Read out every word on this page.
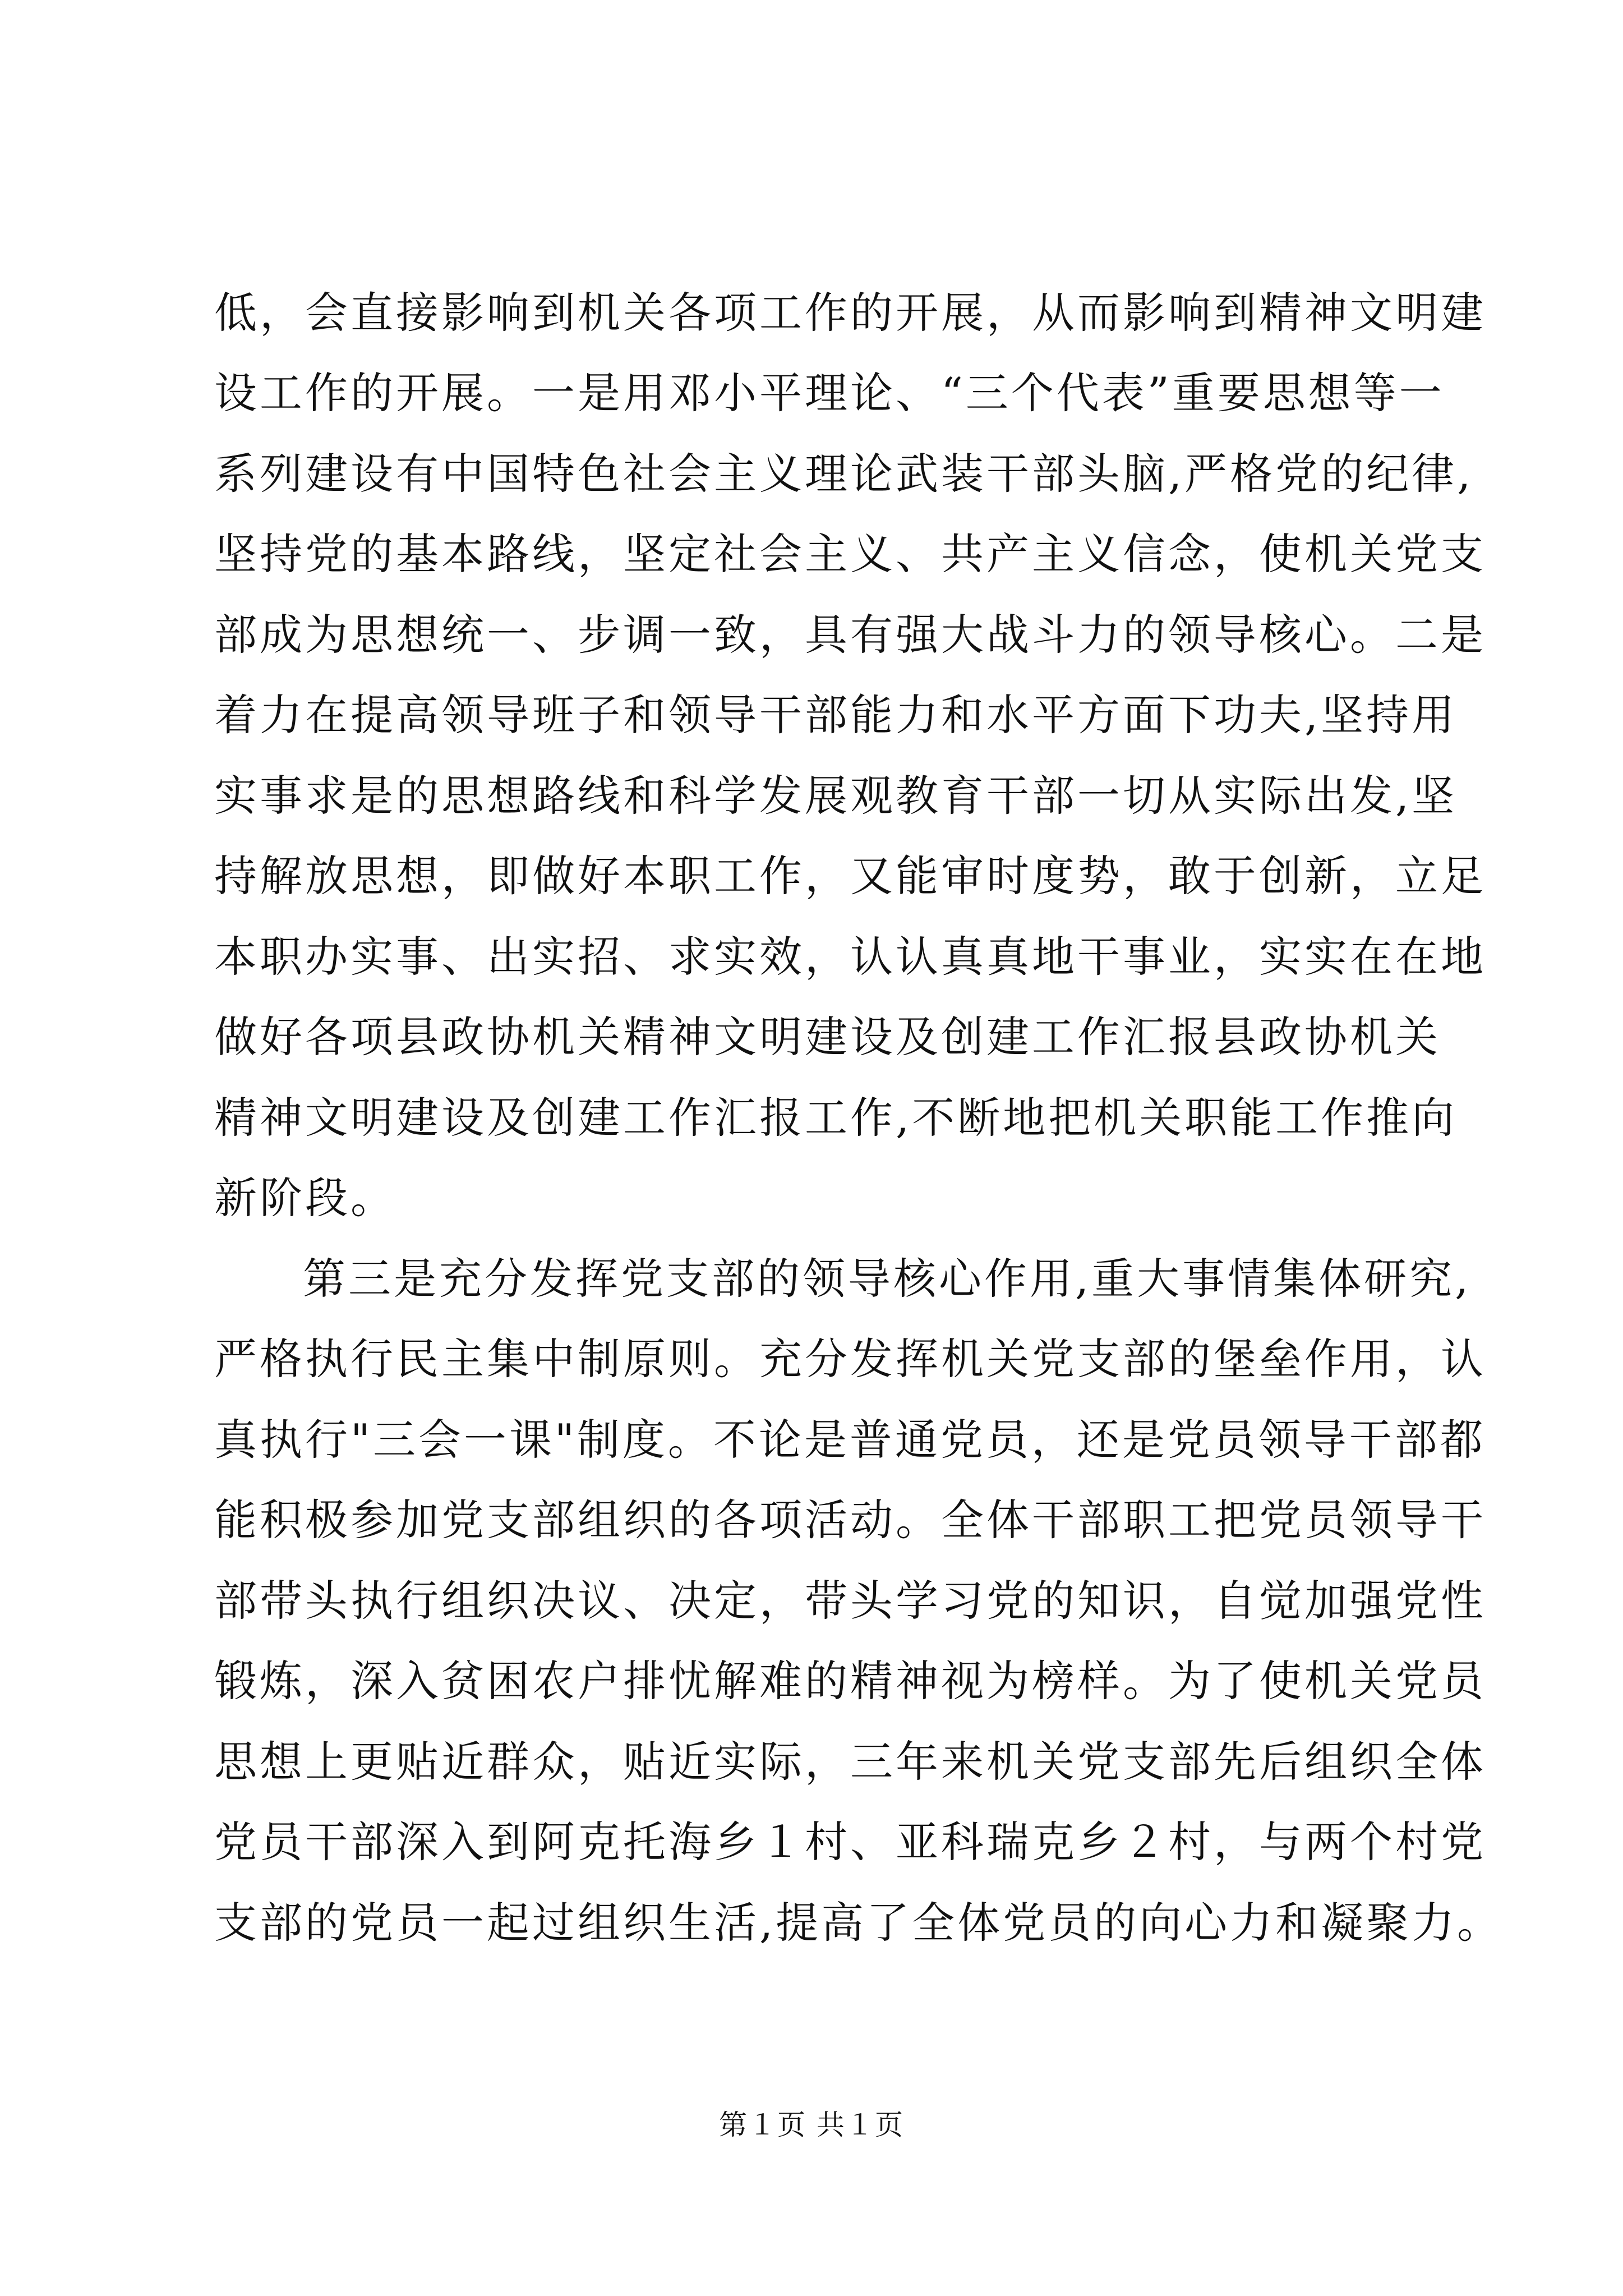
低，会直接影响到机关各项工作的开展，从而影响到精神文明建
设工作的开展。一是用邓小平理论、“三个代表”重要思想等一
系列建设有中国特色社会主义理论武装干部头脑,严格党的纪律,
坚持党的基本路线，坚定社会主义、共产主义信念，使机关党支
部成为思想统一、步调一致，具有强大战斗力的领导核心。二是
着力在提高领导班子和领导干部能力和水平方面下功夫,坚持用
实事求是的思想路线和科学发展观教育干部一切从实际出发,坚
持解放思想，即做好本职工作，又能审时度势，敢于创新，立足
本职办实事、出实招、求实效，认认真真地干事业，实实在在地
做好各项县政协机关精神文明建设及创建工作汇报县政协机关
精神文明建设及创建工作汇报工作,不断地把机关职能工作推向
新阶段。
第三是充分发挥党支部的领导核心作用,重大事情集体研究,
严格执行民主集中制原则。充分发挥机关党支部的堡垒作用，认
真执行"三会一课"制度。不论是普通党员，还是党员领导干部都
能积极参加党支部组织的各项活动。全体干部职工把党员领导干
部带头执行组织决议、决定，带头学习党的知识，自觉加强党性
锻炼，深入贫困农户排忧解难的精神视为榜样。为了使机关党员
思想上更贴近群众，贴近实际，三年来机关党支部先后组织全体
党员干部深入到阿克托海乡１村、亚科瑞克乡２村，与两个村党
支部的党员一起过组织生活,提高了全体党员的向心力和凝聚力。
第１页 共１页
